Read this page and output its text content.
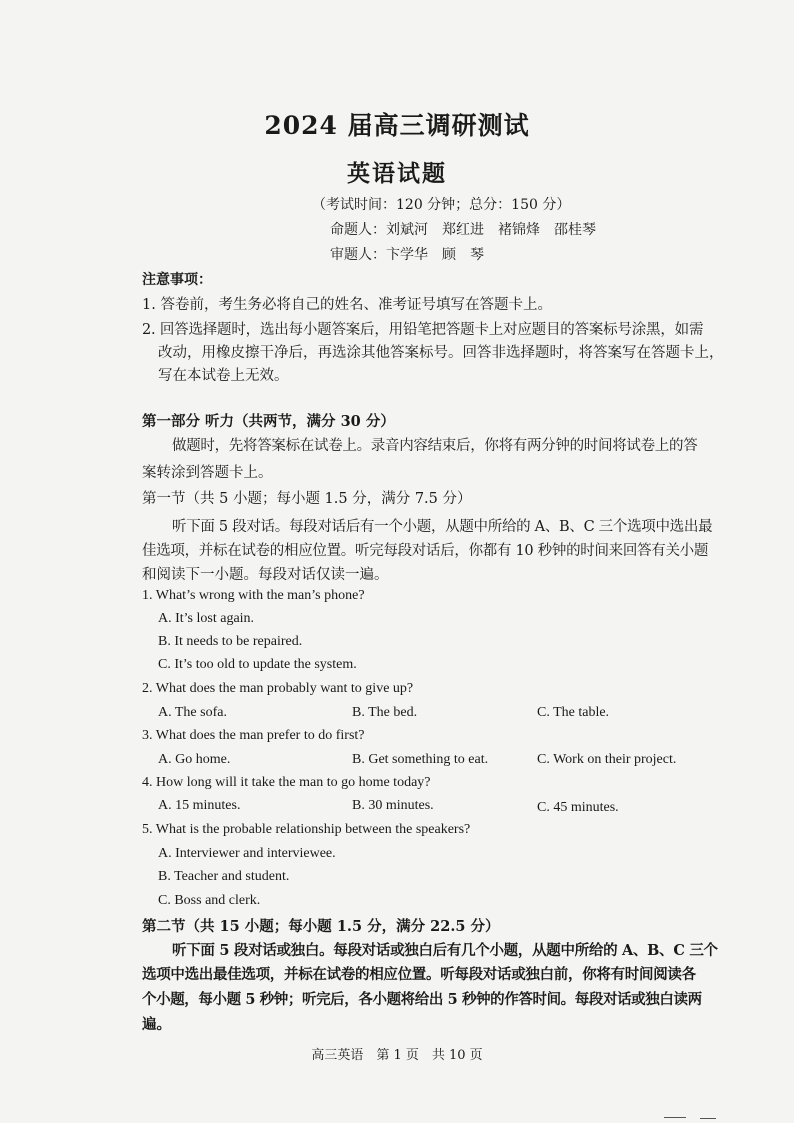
2024 届高三调研测试
英语试题
（考试时间：120 分钟；总分：150 分）
命题人：刘斌河　郑红进　褚锦烽　邵桂琴
审题人：卞学华　顾　琴
注意事项：
1. 答卷前，考生务必将自己的姓名、准考证号填写在答题卡上。
2. 回答选择题时，选出每小题答案后，用铅笔把答题卡上对应题目的答案标号涂黑，如需
改动，用橡皮擦干净后，再选涂其他答案标号。回答非选择题时，将答案写在答题卡上，
写在本试卷上无效。
第一部分 听力（共两节，满分 30 分）
做题时，先将答案标在试卷上。录音内容结束后，你将有两分钟的时间将试卷上的答
案转涂到答题卡上。
第一节（共 5 小题；每小题 1.5 分，满分 7.5 分）
听下面 5 段对话。每段对话后有一个小题，从题中所给的 A、B、C 三个选项中选出最
佳选项，并标在试卷的相应位置。听完每段对话后，你都有 10 秒钟的时间来回答有关小题
和阅读下一小题。每段对话仅读一遍。
1. What’s wrong with the man’s phone?
A. It’s lost again.
B. It needs to be repaired.
C. It’s too old to update the system.
2. What does the man probably want to give up?
A. The sofa.	B. The bed.	C. The table.
3. What does the man prefer to do first?
A. Go home.	B. Get something to eat.	C. Work on their project.
4. How long will it take the man to go home today?
A. 15 minutes.	B. 30 minutes.	C. 45 minutes.
5. What is the probable relationship between the speakers?
A. Interviewer and interviewee.
B. Teacher and student.
C. Boss and clerk.
第二节（共 15 小题；每小题 1.5 分，满分 22.5 分）
听下面 5 段对话或独白。每段对话或独白后有几个小题，从题中所给的 A、B、C 三个
选项中选出最佳选项，并标在试卷的相应位置。听每段对话或独白前，你将有时间阅读各
个小题，每小题 5 秒钟；听完后，各小题将给出 5 秒钟的作答时间。每段对话或独白读两
遍。
高三英语　第 1 页　共 10 页
